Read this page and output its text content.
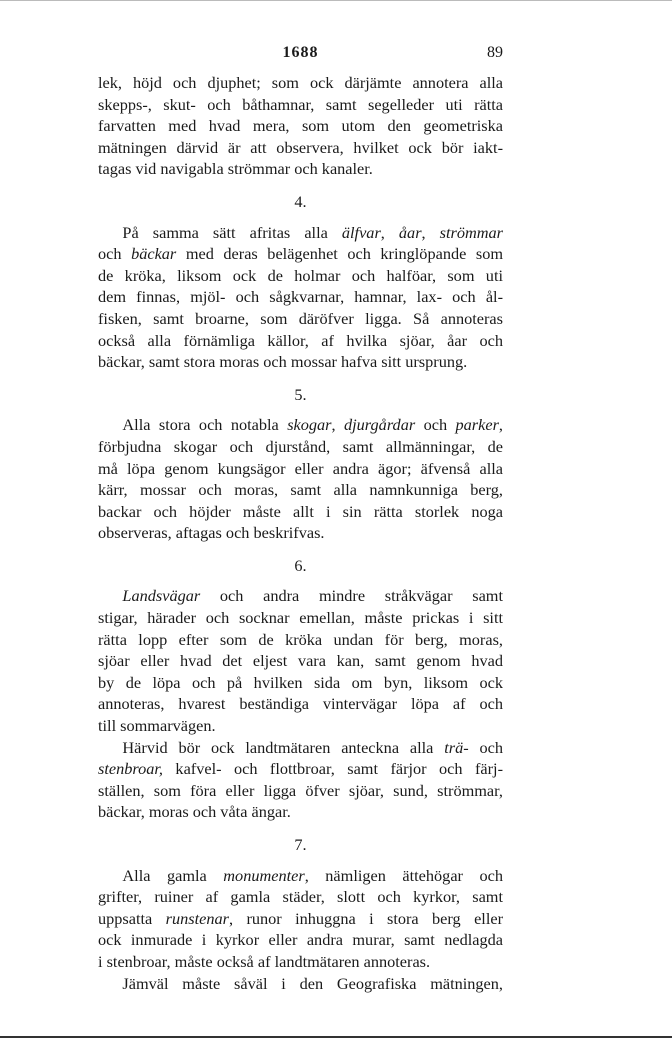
1688	89

lek, höjd och djuphet; som ock därjämte annotera alla
skepps-, skut- och båthamnar, samt segelleder uti rätta
farvatten med hvad mera, som utom den geometriska
mätningen därvid är att observera, hvilket ock bör iakt-
tagas vid navigabla strömmar och kanaler.

4.

  På samma sätt afritas alla älfvar, åar, strömmar
och bäckar med deras belägenhet och kringlöpande som
de kröka, liksom ock de holmar och halföar, som uti
dem finnas, mjöl- och sågkvarnar, hamnar, lax- och ål-
fisken, samt broarne, som däröfver ligga. Så annoteras
också alla förnämliga källor, af hvilka sjöar, åar och
bäckar, samt stora moras och mossar hafva sitt ursprung.

5.

  Alla stora och notabla skogar, djurgårdar och parker,
förbjudna skogar och djurstånd, samt allmänningar, de
må löpa genom kungsägor eller andra ägor; äfvenså alla
kärr, mossar och moras, samt alla namnkunniga berg,
backar och höjder måste allt i sin rätta storlek noga
observeras, aftagas och beskrifvas.

6.

  Landsvägar och andra mindre stråkvägar samt
stigar, härader och socknar emellan, måste prickas i sitt
rätta lopp efter som de kröka undan för berg, moras,
sjöar eller hvad det eljest vara kan, samt genom hvad
by de löpa och på hvilken sida om byn, liksom ock
annoteras, hvarest beständiga vintervägar löpa af och
till sommarvägen.

  Härvid bör ock landtmätaren anteckna alla trä- och
stenbroar, kafvel- och flottbroar, samt färjor och färj-
ställen, som föra eller ligga öfver sjöar, sund, strömmar,
bäckar, moras och våta ängar.

7.

  Alla gamla monumenter, nämligen ättehögar och
grifter, ruiner af gamla städer, slott och kyrkor, samt
uppsatta runstenar, runor inhuggna i stora berg eller
ock inmurade i kyrkor eller andra murar, samt nedlagda
i stenbroar, måste också af landtmätaren annoteras.

  Jämväl måste såväl i den Geografiska mätningen,
